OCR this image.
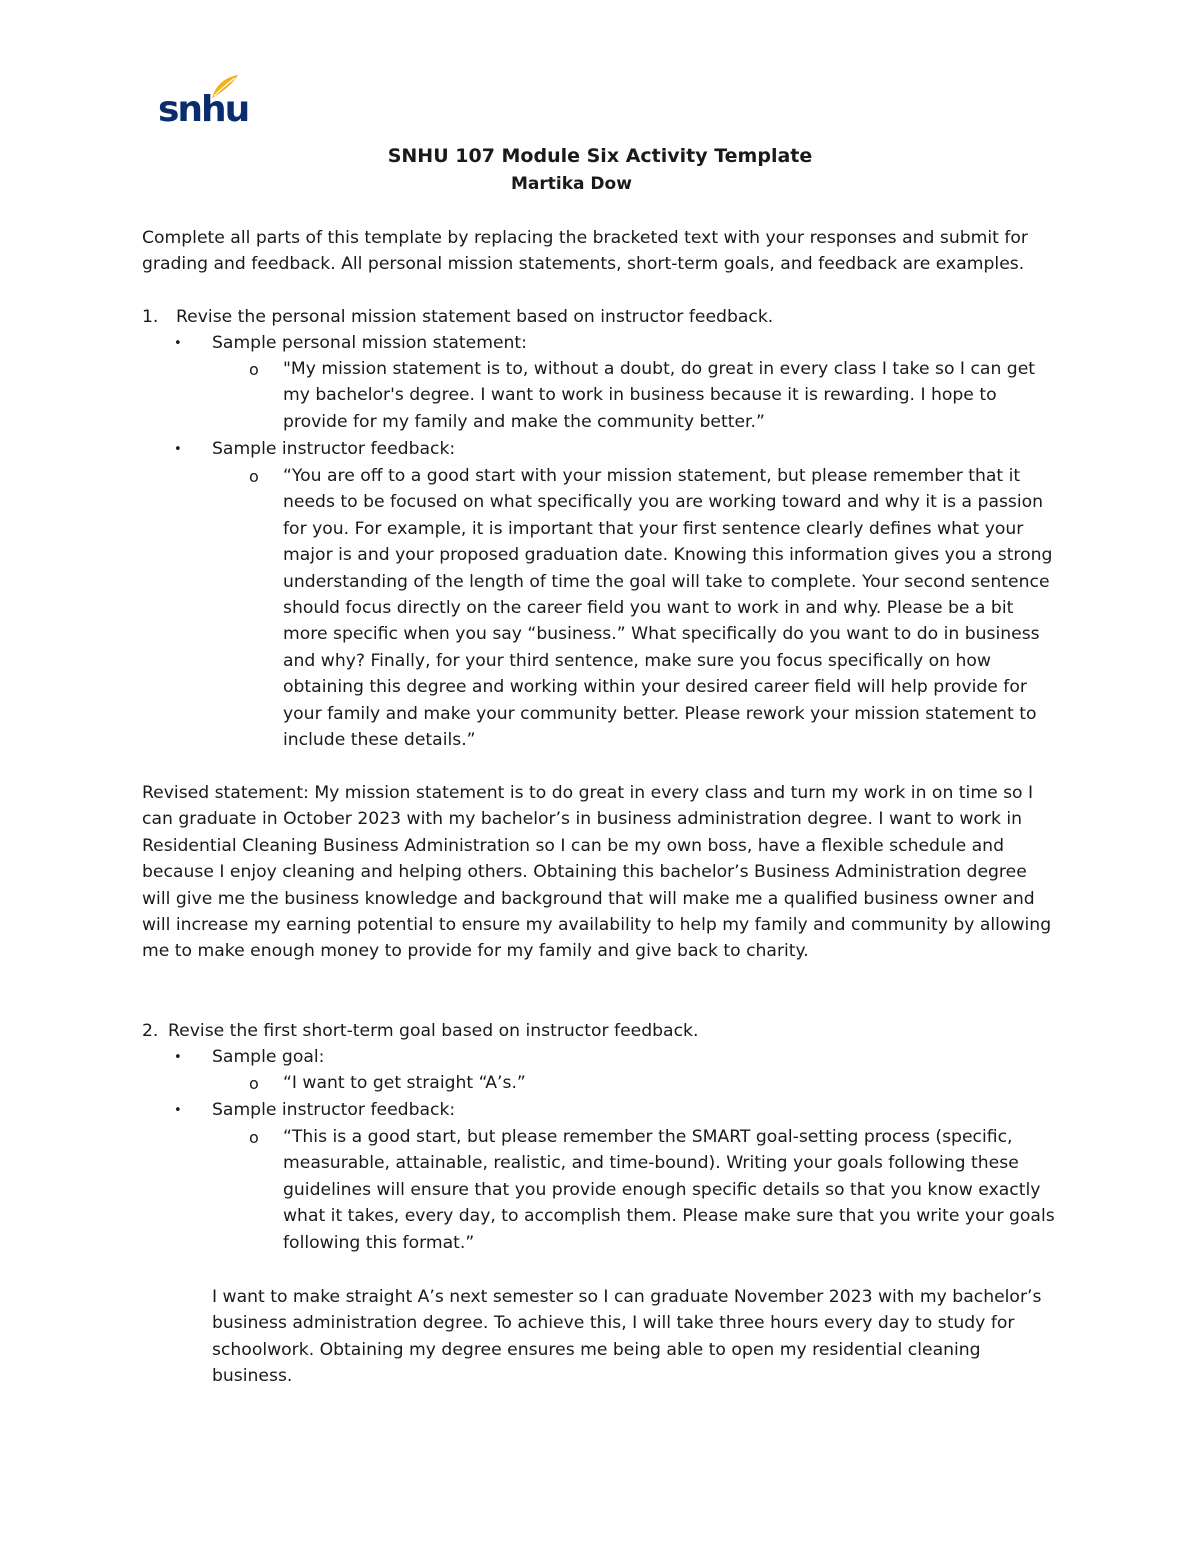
snhu
SNHU 107 Module Six Activity Template
Martika Dow
Complete all parts of this template by replacing the bracketed text with your responses and submit for
grading and feedback. All personal mission statements, short-term goals, and feedback are examples.
1. Revise the personal mission statement based on instructor feedback.
• Sample personal mission statement:
o "My mission statement is to, without a doubt, do great in every class I take so I can get
my bachelor's degree. I want to work in business because it is rewarding. I hope to
provide for my family and make the community better.”
• Sample instructor feedback:
o “You are off to a good start with your mission statement, but please remember that it
needs to be focused on what specifically you are working toward and why it is a passion
for you. For example, it is important that your first sentence clearly defines what your
major is and your proposed graduation date. Knowing this information gives you a strong
understanding of the length of time the goal will take to complete. Your second sentence
should focus directly on the career field you want to work in and why. Please be a bit
more specific when you say “business.” What specifically do you want to do in business
and why? Finally, for your third sentence, make sure you focus specifically on how
obtaining this degree and working within your desired career field will help provide for
your family and make your community better. Please rework your mission statement to
include these details.”
Revised statement: My mission statement is to do great in every class and turn my work in on time so I
can graduate in October 2023 with my bachelor’s in business administration degree. I want to work in
Residential Cleaning Business Administration so I can be my own boss, have a flexible schedule and
because I enjoy cleaning and helping others. Obtaining this bachelor’s Business Administration degree
will give me the business knowledge and background that will make me a qualified business owner and
will increase my earning potential to ensure my availability to help my family and community by allowing
me to make enough money to provide for my family and give back to charity.
2. Revise the first short-term goal based on instructor feedback.
• Sample goal:
o “I want to get straight “A’s.”
• Sample instructor feedback:
o “This is a good start, but please remember the SMART goal-setting process (specific,
measurable, attainable, realistic, and time-bound). Writing your goals following these
guidelines will ensure that you provide enough specific details so that you know exactly
what it takes, every day, to accomplish them. Please make sure that you write your goals
following this format.”
I want to make straight A’s next semester so I can graduate November 2023 with my bachelor’s
business administration degree. To achieve this, I will take three hours every day to study for
schoolwork. Obtaining my degree ensures me being able to open my residential cleaning
business.
